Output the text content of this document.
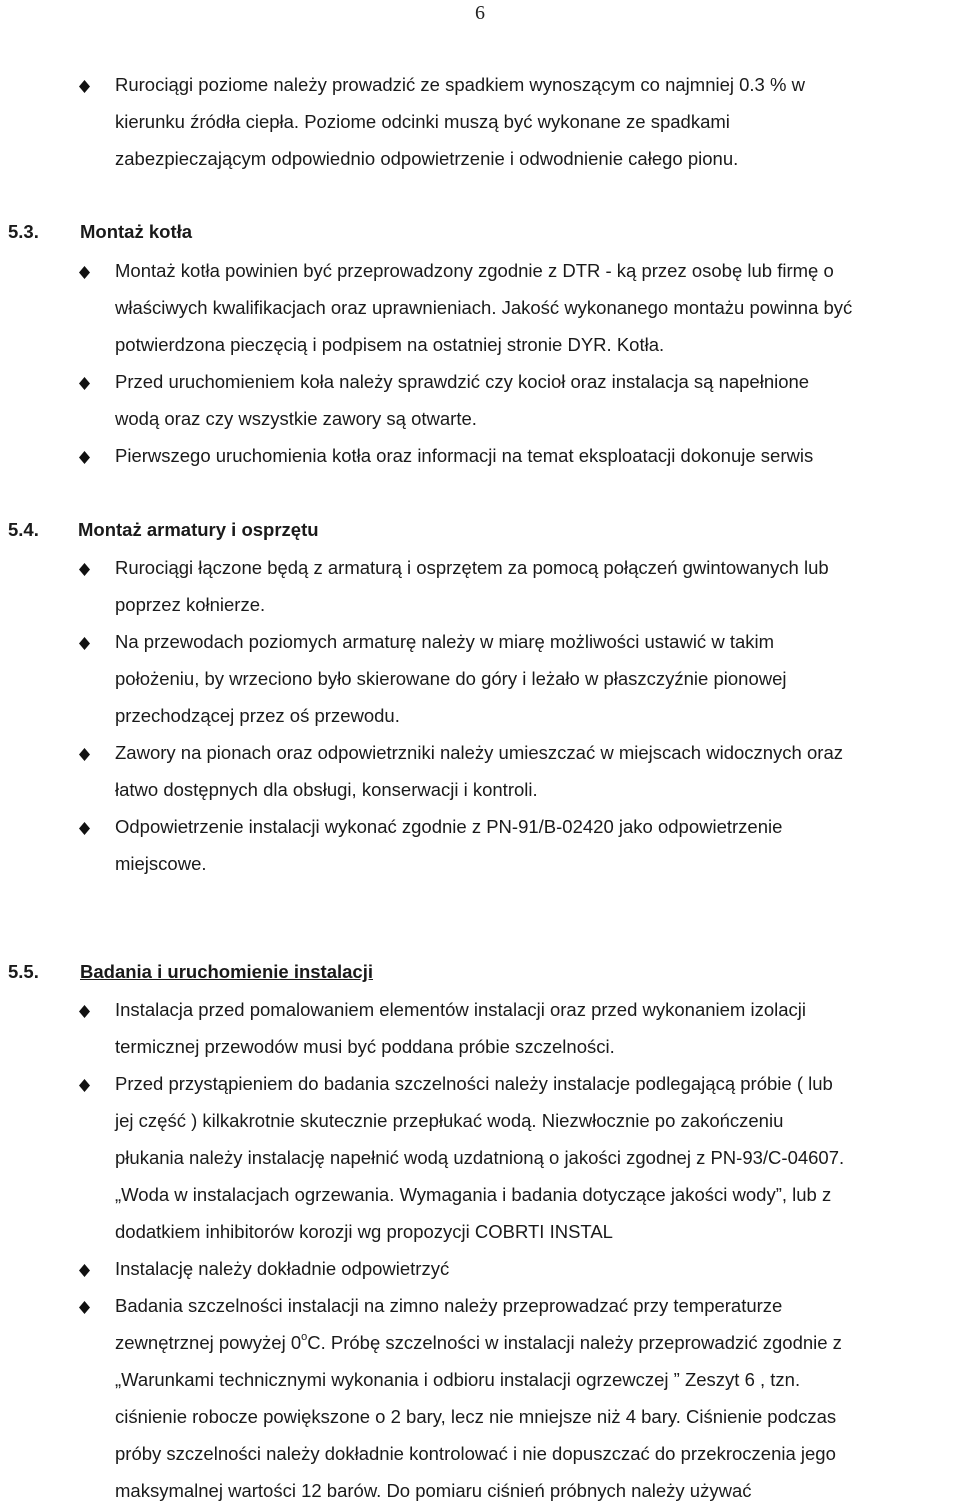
6
Rurociągi poziome należy prowadzić ze spadkiem wynoszącym co najmniej 0.3 % w
kierunku źródła ciepła. Poziome odcinki muszą być wykonane ze spadkami
zabezpieczającym odpowiednio odpowietrzenie i odwodnienie całego pionu.
5.3. Montaż kotła
Montaż kotła powinien być przeprowadzony zgodnie z DTR - ką przez osobę lub firmę o
właściwych kwalifikacjach oraz uprawnieniach. Jakość wykonanego montażu powinna być
potwierdzona pieczęcią i podpisem na ostatniej stronie DYR. Kotła.
Przed uruchomieniem koła należy sprawdzić czy kocioł oraz instalacja są napełnione
wodą oraz czy wszystkie zawory są otwarte.
Pierwszego uruchomienia kotła oraz informacji na temat eksploatacji dokonuje serwis
5.4. Montaż armatury i osprzętu
Rurociągi łączone będą z armaturą i osprzętem za pomocą połączeń gwintowanych lub
poprzez kołnierze.
Na przewodach poziomych armaturę należy w miarę możliwości ustawić w takim
położeniu, by wrzeciono było skierowane do góry i leżało w płaszczyźnie pionowej
przechodzącej przez oś przewodu.
Zawory na pionach oraz odpowietrzniki należy umieszczać w miejscach widocznych oraz
łatwo dostępnych dla obsługi, konserwacji i kontroli.
Odpowietrzenie instalacji wykonać zgodnie z PN-91/B-02420 jako odpowietrzenie
miejscowe.
5.5. Badania i uruchomienie instalacji
Instalacja przed pomalowaniem elementów instalacji oraz przed wykonaniem izolacji
termicznej przewodów musi być poddana próbie szczelności.
Przed przystąpieniem do badania szczelności należy instalacje podlegającą próbie ( lub
jej część ) kilkakrotnie skutecznie przepłukać wodą. Niezwłocznie po zakończeniu
płukania należy instalację napełnić wodą uzdatnioną o jakości zgodnej z PN-93/C-04607.
„Woda w instalacjach ogrzewania. Wymagania i badania dotyczące jakości wody”, lub z
dodatkiem inhibitorów korozji wg propozycji COBRTI INSTAL
Instalację należy dokładnie odpowietrzyć
Badania szczelności instalacji na zimno należy przeprowadzać przy temperaturze
zewnętrznej powyżej 0$^o$C. Próbę szczelności w instalacji należy przeprowadzić zgodnie z
„Warunkami technicznymi wykonania i odbioru instalacji ogrzewczej ” Zeszyt 6 , tzn.
ciśnienie robocze powiększone o 2 bary, lecz nie mniejsze niż 4 bary. Ciśnienie podczas
próby szczelności należy dokładnie kontrolować i nie dopuszczać do przekroczenia jego
maksymalnej wartości 12 barów. Do pomiaru ciśnień próbnych należy używać
